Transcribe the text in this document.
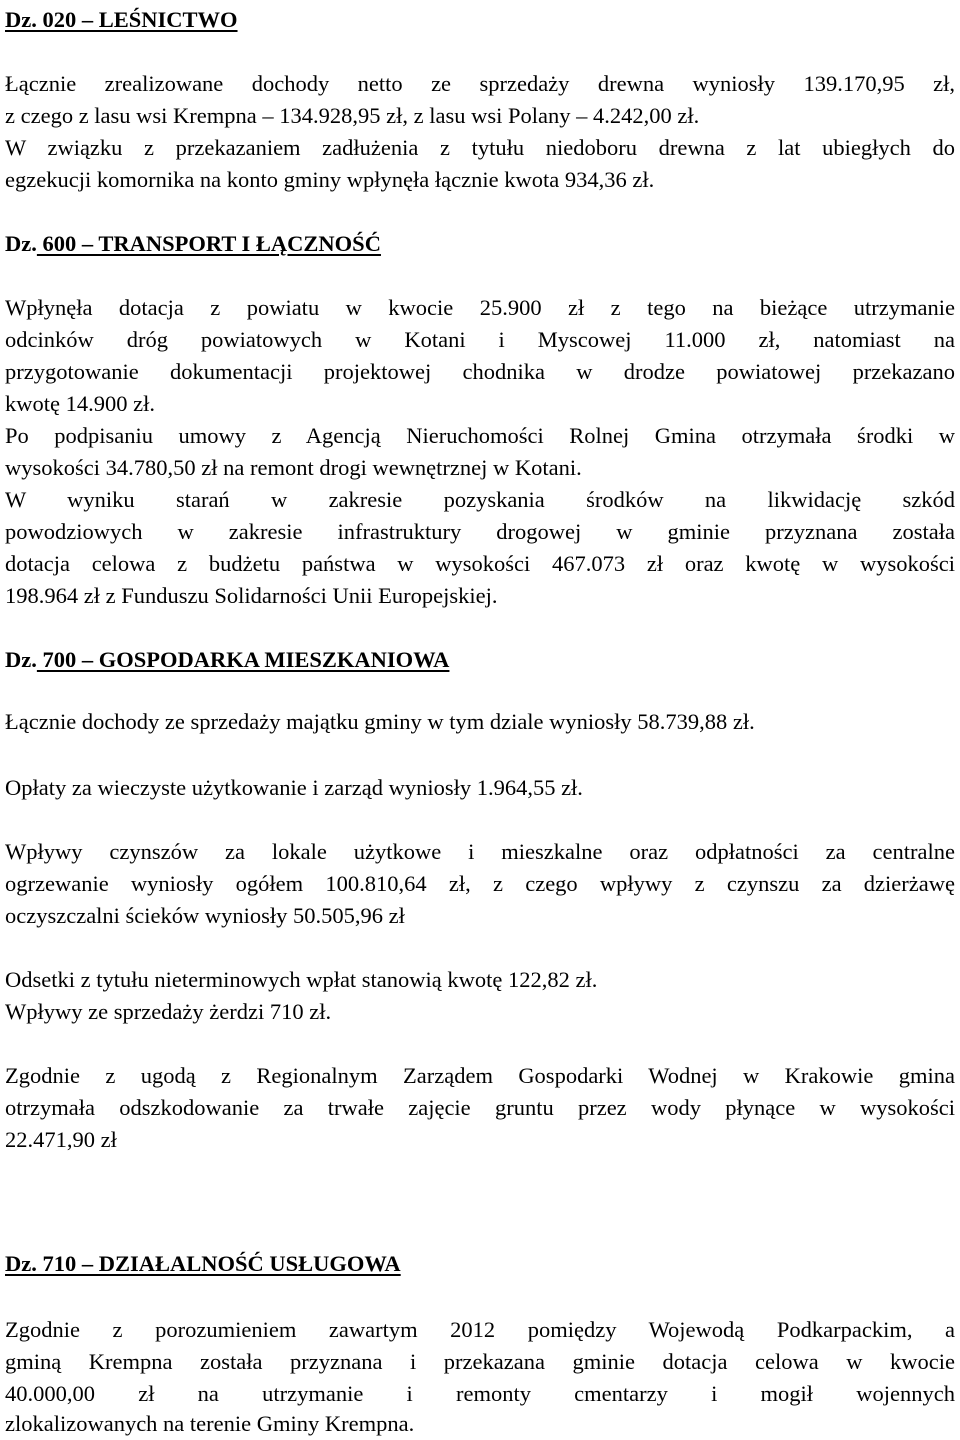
Dz. 020 – LEŚNICTWO
Łącznie zrealizowane dochody netto ze sprzedaży drewna wyniosły 139.170,95 zł,
z czego z lasu wsi Krempna – 134.928,95 zł, z lasu wsi Polany – 4.242,00 zł.
W związku z przekazaniem zadłużenia z tytułu niedoboru drewna z lat ubiegłych do
egzekucji komornika na konto gminy wpłynęła łącznie kwota 934,36 zł.
Dz. 600 – TRANSPORT I ŁĄCZNOŚĆ
Wpłynęła dotacja z powiatu w kwocie 25.900 zł z tego na bieżące utrzymanie
odcinków dróg powiatowych w Kotani i Myscowej 11.000 zł, natomiast na
przygotowanie dokumentacji projektowej chodnika w drodze powiatowej przekazano
kwotę 14.900 zł.
Po podpisaniu umowy z Agencją Nieruchomości Rolnej Gmina otrzymała środki w
wysokości 34.780,50 zł na remont drogi wewnętrznej w Kotani.
W wyniku starań w zakresie pozyskania środków na likwidację szkód
powodziowych w zakresie infrastruktury drogowej w gminie przyznana została
dotacja celowa z budżetu państwa w wysokości 467.073 zł oraz kwotę w wysokości
198.964 zł z Funduszu Solidarności Unii Europejskiej.
Dz. 700 – GOSPODARKA MIESZKANIOWA
Łącznie dochody ze sprzedaży majątku gminy w tym dziale wyniosły 58.739,88 zł.
Opłaty za wieczyste użytkowanie i zarząd wyniosły 1.964,55 zł.
Wpływy czynszów za lokale użytkowe i mieszkalne oraz odpłatności za centralne
ogrzewanie wyniosły ogółem 100.810,64 zł, z czego wpływy z czynszu za dzierżawę
oczyszczalni ścieków wyniosły 50.505,96 zł
Odsetki z tytułu nieterminowych wpłat stanowią kwotę 122,82 zł.
Wpływy ze sprzedaży żerdzi 710 zł.
Zgodnie z ugodą z Regionalnym Zarządem Gospodarki Wodnej w Krakowie gmina
otrzymała odszkodowanie za trwałe zajęcie gruntu przez wody płynące w wysokości
22.471,90 zł
Dz. 710 – DZIAŁALNOŚĆ USŁUGOWA
Zgodnie z porozumieniem zawartym 2012 pomiędzy Wojewodą Podkarpackim, a
gminą Krempna została przyznana i przekazana gminie dotacja celowa w kwocie
40.000,00 zł na utrzymanie i remonty cmentarzy i mogił wojennych
zlokalizowanych na terenie Gminy Krempna.
